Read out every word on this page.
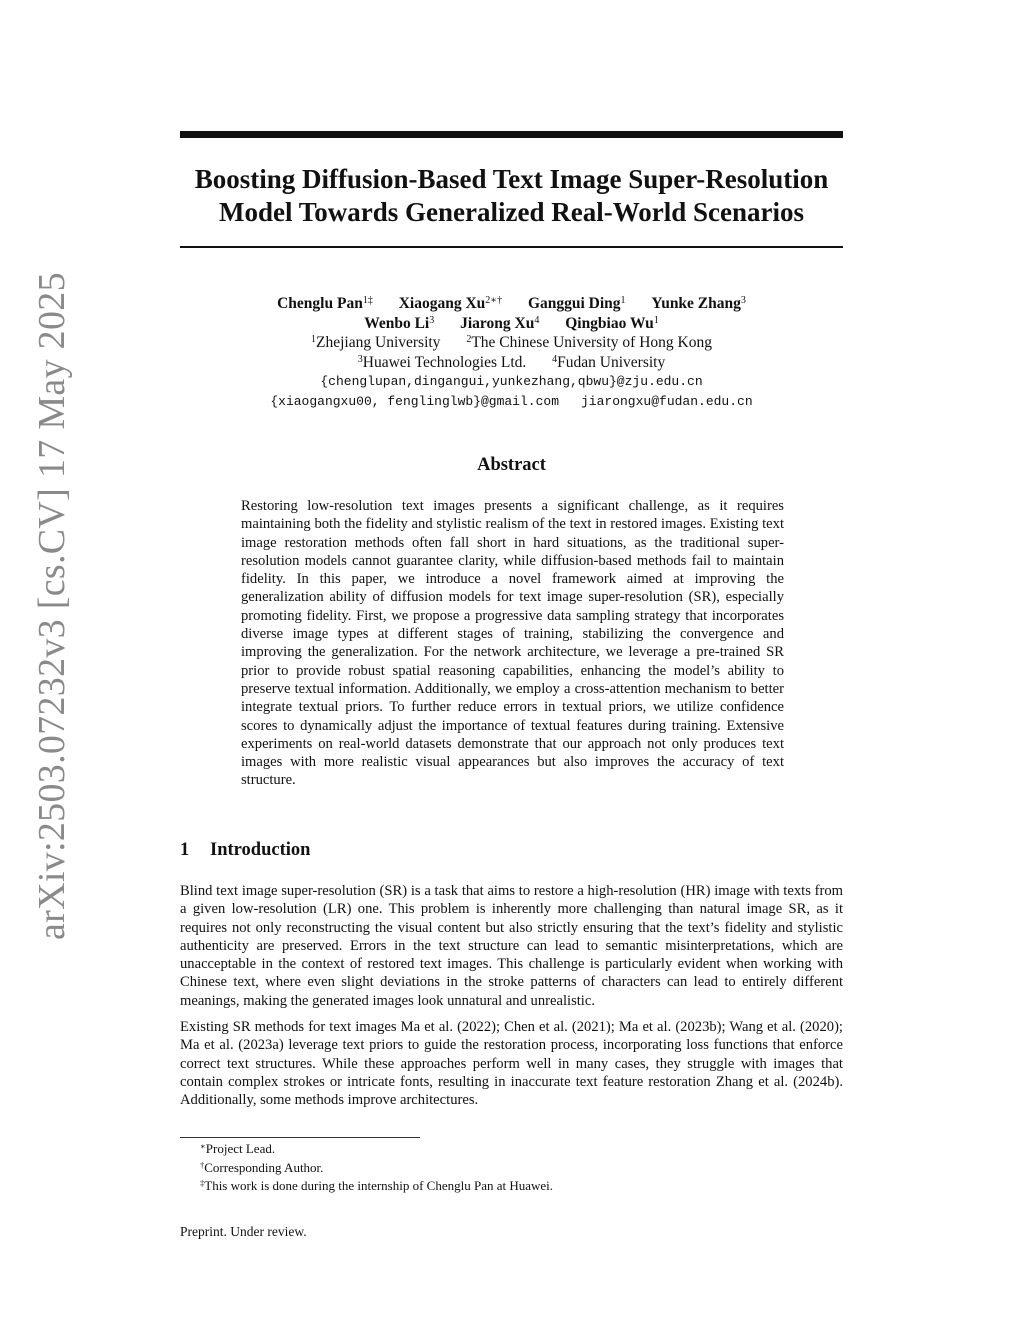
arXiv:2503.07232v3 [cs.CV] 17 May 2025
Boosting Diffusion-Based Text Image Super-Resolution
Model Towards Generalized Real-World Scenarios
Chenglu Pan$^{1\ddagger}$ Xiaogang $Xu^{2∗\dagger}$ Ganggui Ding$^1$ Yunke Zhang$^3$
Wenbo Li$^3$ Jiarong Xu$^4$ Qingbiao Wu$^1$
$^1$Zhejiang University	$^2$The Chinese University of Hong Kong
$^3$Huawei Technologies Ltd.	$^4$Fudan University
{chenglupan,dingangui,yunkezhang,qbwu}@zju.edu.cn
{xiaogangxu00, fenglinglwb}@gmail.com jiarongxu@fudan.edu.cn
Abstract
Restoring low-resolution text images presents a significant challenge, as it requires maintaining both the fidelity and stylistic realism of the text in restored images. Existing text image restoration methods often fall short in hard situations, as the traditional super-resolution models cannot guarantee clarity, while diffusion-based methods fail to maintain fidelity. In this paper, we introduce a novel framework aimed at improving the generalization ability of diffusion models for text image super-resolution (SR), especially promoting fidelity. First, we propose a progressive data sampling strategy that incorporates diverse image types at different stages of training, stabilizing the convergence and improving the generalization. For the network architecture, we leverage a pre-trained SR prior to provide robust spatial reasoning capabilities, enhancing the model’s ability to preserve textual information. Additionally, we employ a cross-attention mechanism to better integrate textual priors. To further reduce errors in textual priors, we utilize confidence scores to dynamically adjust the importance of textual features during training. Extensive experiments on real-world datasets demonstrate that our approach not only produces text images with more realistic visual appearances but also improves the accuracy of text structure.
1 Introduction

Blind text image super-resolution (SR) is a task that aims to restore a high-resolution (HR) image with texts from a given low-resolution (LR) one. This problem is inherently more challenging than natural image SR, as it requires not only reconstructing the visual content but also strictly ensuring that the text’s fidelity and stylistic authenticity are preserved. Errors in the text structure can lead to semantic misinterpretations, which are unacceptable in the context of restored text images. This challenge is particularly evident when working with Chinese text, where even slight deviations in the stroke patterns of characters can lead to entirely different meanings, making the generated images look unnatural and unrealistic.

Existing SR methods for text images Ma et al. (2022); Chen et al. (2021); Ma et al. (2023b); Wang et al. (2020); Ma et al. (2023a) leverage text priors to guide the restoration process, incorporating loss functions that enforce correct text structures. While these approaches perform well in many cases, they struggle with images that contain complex strokes or intricate fonts, resulting in inaccurate text feature restoration Zhang et al. (2024b). Additionally, some methods improve architectures.

∗Project Lead.
†Corresponding Author.
‡This work is done during the internship of Chenglu Pan at Huawei.
Preprint. Under review.
